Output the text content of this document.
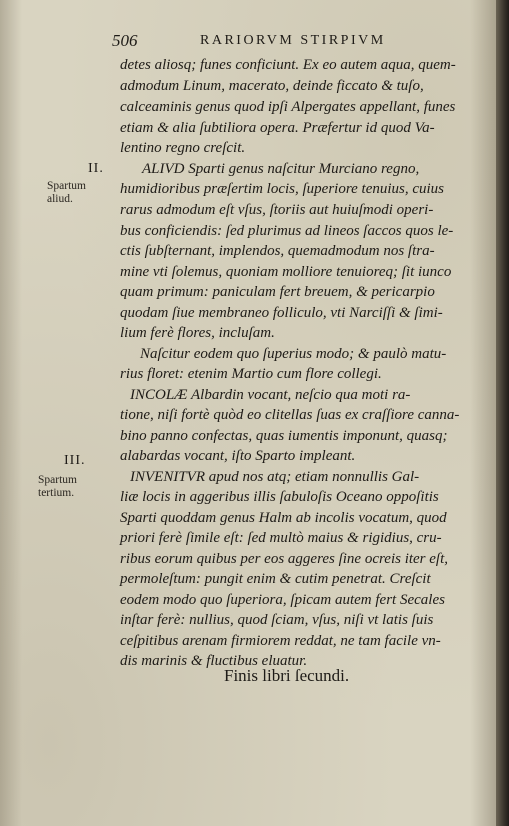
506	RARIORVM STIRPIVM
II.
Spartum
aliud.
III.
Spartum
tertium.
detes aliosq; funes conficiunt. Ex eo autem aqua, quem-
admodum Linum, macerato, deinde ficcato & tuſo,
calceaminis genus quod ipſi Alpergates appellant, funes
etiam & alia ſubtiliora opera. Præfertur id quod Va-
lentino regno creſcit.
ALIVD Sparti genus naſcitur Murciano regno,
humidioribus præſertim locis, ſuperiore tenuius, cuius
rarus admodum eſt vſus, ſtoriis aut huiuſmodi operi-
bus conficiendis: ſed plurimus ad lineos ſaccos quos le-
ctis ſubſternant, implendos, quemadmodum nos ſtra-
mine vti ſolemus, quoniam molliore tenuioreq; ſit iunco
quam primum: paniculam fert breuem, & pericarpio
quodam ſiue membraneo folliculo, vti Narciſſi & ſimi-
lium ferè flores, incluſam.
Naſcitur eodem quo ſuperius modo; & paulò matu-
rius floret: etenim Martio cum flore collegi.
INCOLÆ Albardin vocant, neſcio qua moti ra-
tione, niſi fortè quòd eo clitellas ſuas ex craſſiore canna-
bino panno confectas, quas iumentis imponunt, quasq;
alabardas vocant, iſto Sparto impleant.
INVENITVR apud nos atq; etiam nonnullis Gal-
liæ locis in aggeribus illis ſabuloſis Oceano oppoſitis
Sparti quoddam genus Halm ab incolis vocatum, quod
priori ferè ſimile eſt: ſed multò maius & rigidius, cru-
ribus eorum quibus per eos aggeres ſine ocreis iter eſt,
permoleſtum: pungit enim & cutim penetrat. Creſcit
eodem modo quo ſuperiora, ſpicam autem fert Secales
inſtar ferè: nullius, quod ſciam, vſus, niſi vt latis ſuis
ceſpitibus arenam firmiorem reddat, ne tam facile vn-
dis marinis & fluctibus eluatur.
Finis libri ſecundi.
